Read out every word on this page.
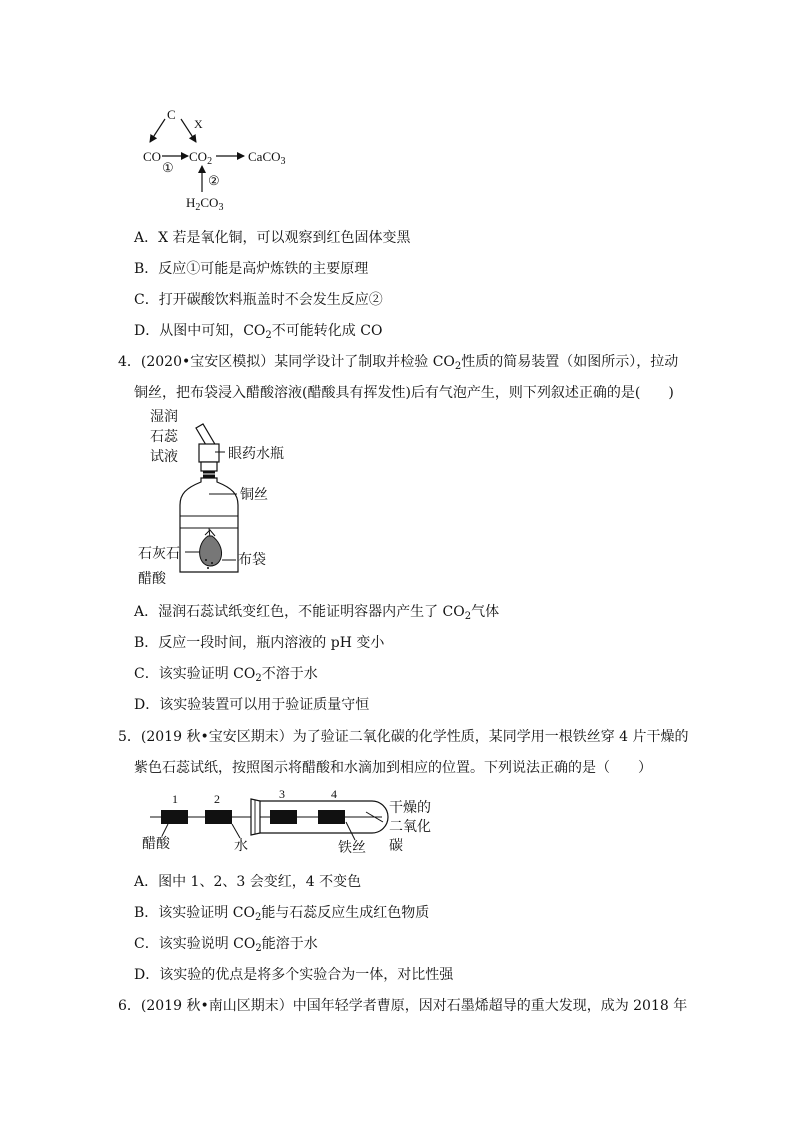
C
X
CO $CO_2$	CaCO$_3$
①
②
$H_2CO_3$
A．X 若是氧化铜，可以观察到红色固体变黑
B．反应①可能是高炉炼铁的主要原理
C．打开碳酸饮料瓶盖时不会发生反应②
D．从图中可知，$CO_2$不可能转化成 CO
4．(2020•宝安区模拟）某同学设计了制取并检验 $CO_2$性质的简易装置（如图所示），拉动
铜丝，把布袋浸入醋酸溶液(醋酸具有挥发性)后有气泡产生，则下列叙述正确的是(　　)
湿润
石蕊
试液	眼药水瓶
铜丝
石灰石	布袋
醋酸
A．湿润石蕊试纸变红色，不能证明容器内产生了 $CO_2$气体
B．反应一段时间，瓶内溶液的 pH 变小
C．该实验证明 $CO_2$不溶于水
D．该实验装置可以用于验证质量守恒
5．(2019 秋•宝安区期末）为了验证二氧化碳的化学性质，某同学用一根铁丝穿 4 片干燥的
紫色石蕊试纸，按照图示将醋酸和水滴加到相应的位置。下列说法正确的是（　　）
1	2	3	4
醋酸	水	铁丝
干燥的
二氧化
碳
A．图中 1、2、3 会变红，4 不变色
B．该实验证明 $CO_2$能与石蕊反应生成红色物质
C．该实验说明 $CO_2$能溶于水
D．该实验的优点是将多个实验合为一体，对比性强
6．(2019 秋•南山区期末）中国年轻学者曹原，因对石墨烯超导的重大发现，成为 2018 年
